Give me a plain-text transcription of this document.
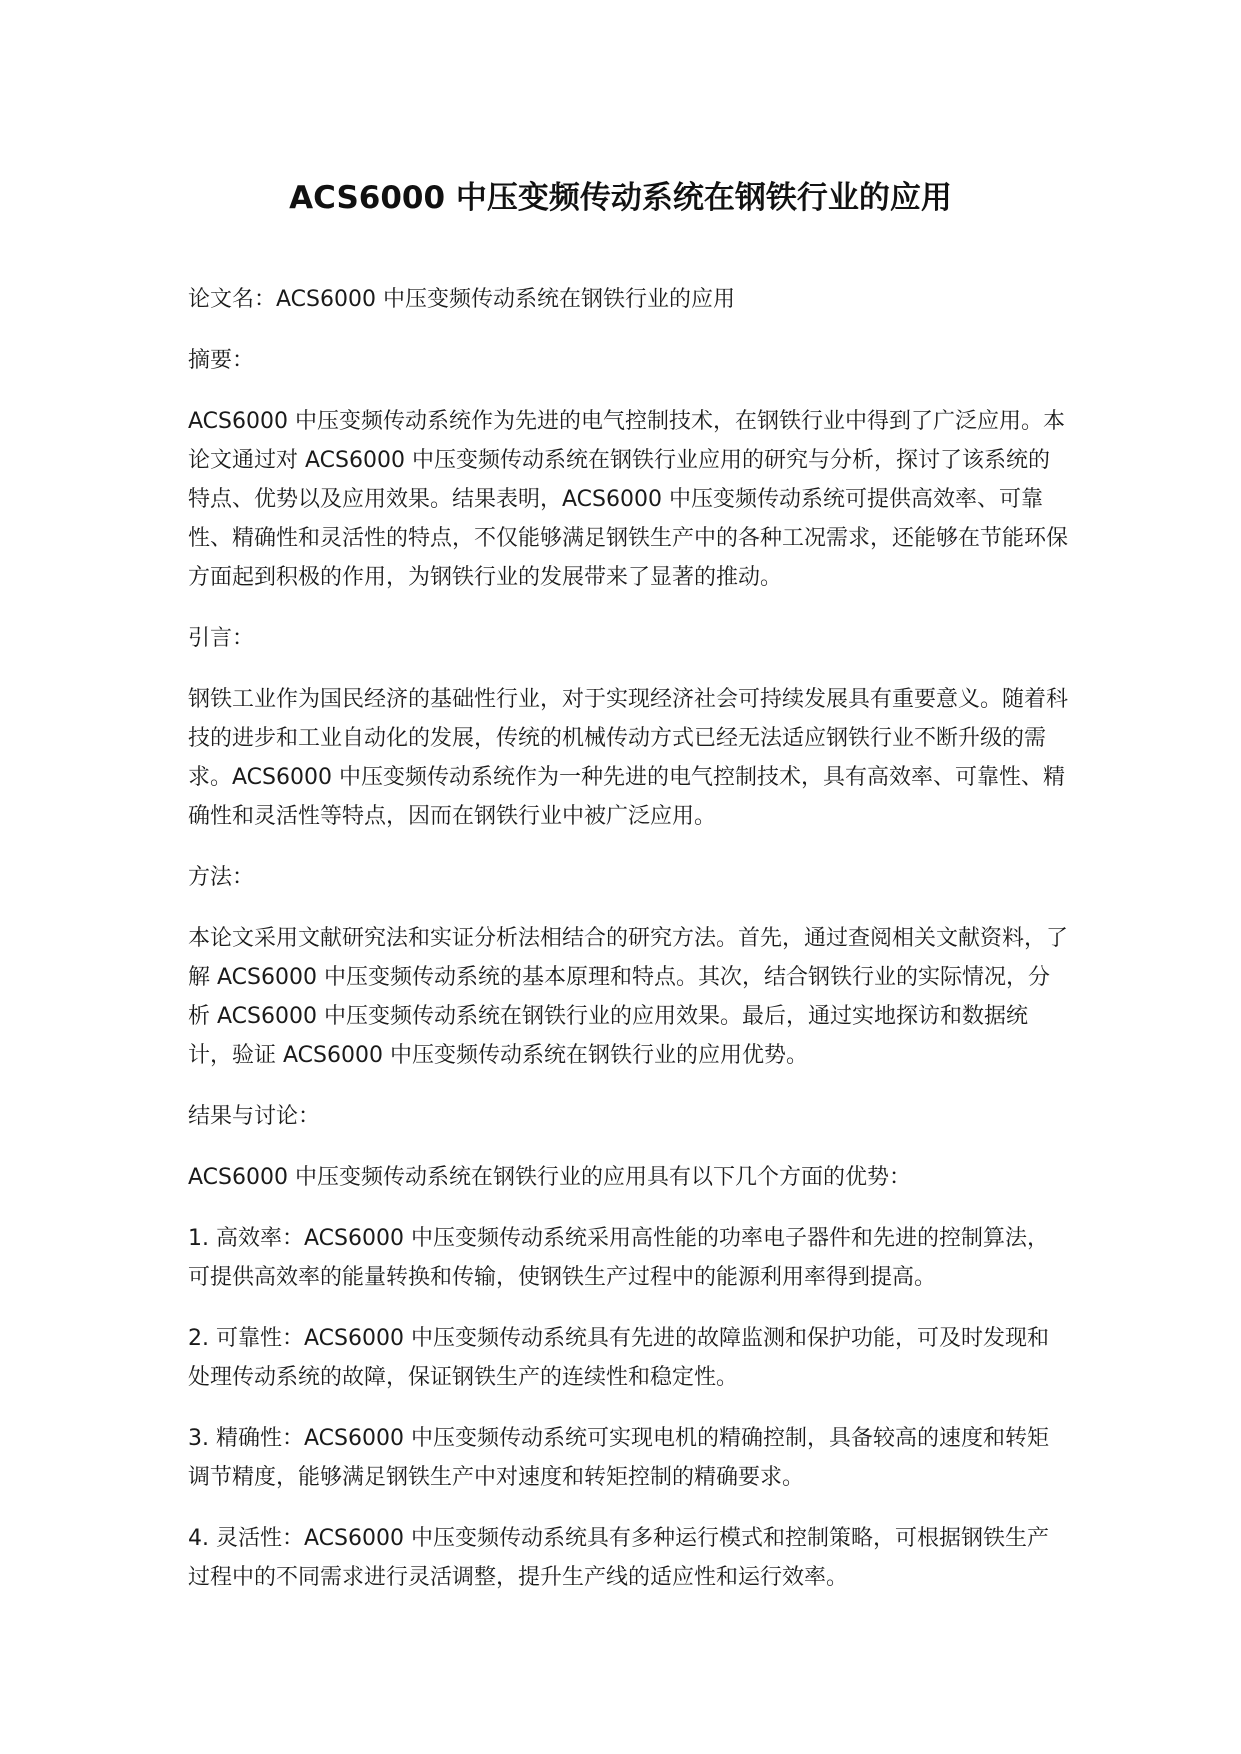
ACS6000 中压变频传动系统在钢铁行业的应用

论文名：ACS6000 中压变频传动系统在钢铁行业的应用

摘要：

ACS6000 中压变频传动系统作为先进的电气控制技术，在钢铁行业中得到了广泛应用。本论文通过对 ACS6000 中压变频传动系统在钢铁行业应用的研究与分析，探讨了该系统的特点、优势以及应用效果。结果表明，ACS6000 中压变频传动系统可提供高效率、可靠性、精确性和灵活性的特点，不仅能够满足钢铁生产中的各种工况需求，还能够在节能环保方面起到积极的作用，为钢铁行业的发展带来了显著的推动。

引言：

钢铁工业作为国民经济的基础性行业，对于实现经济社会可持续发展具有重要意义。随着科技的进步和工业自动化的发展，传统的机械传动方式已经无法适应钢铁行业不断升级的需求。ACS6000 中压变频传动系统作为一种先进的电气控制技术，具有高效率、可靠性、精确性和灵活性等特点，因而在钢铁行业中被广泛应用。

方法：

本论文采用文献研究法和实证分析法相结合的研究方法。首先，通过查阅相关文献资料，了解 ACS6000 中压变频传动系统的基本原理和特点。其次，结合钢铁行业的实际情况，分析 ACS6000 中压变频传动系统在钢铁行业的应用效果。最后，通过实地探访和数据统计，验证 ACS6000 中压变频传动系统在钢铁行业的应用优势。

结果与讨论：

ACS6000 中压变频传动系统在钢铁行业的应用具有以下几个方面的优势：

1. 高效率：ACS6000 中压变频传动系统采用高性能的功率电子器件和先进的控制算法，可提供高效率的能量转换和传输，使钢铁生产过程中的能源利用率得到提高。

2. 可靠性：ACS6000 中压变频传动系统具有先进的故障监测和保护功能，可及时发现和处理传动系统的故障，保证钢铁生产的连续性和稳定性。

3. 精确性：ACS6000 中压变频传动系统可实现电机的精确控制，具备较高的速度和转矩调节精度，能够满足钢铁生产中对速度和转矩控制的精确要求。

4. 灵活性：ACS6000 中压变频传动系统具有多种运行模式和控制策略，可根据钢铁生产过程中的不同需求进行灵活调整，提升生产线的适应性和运行效率。
